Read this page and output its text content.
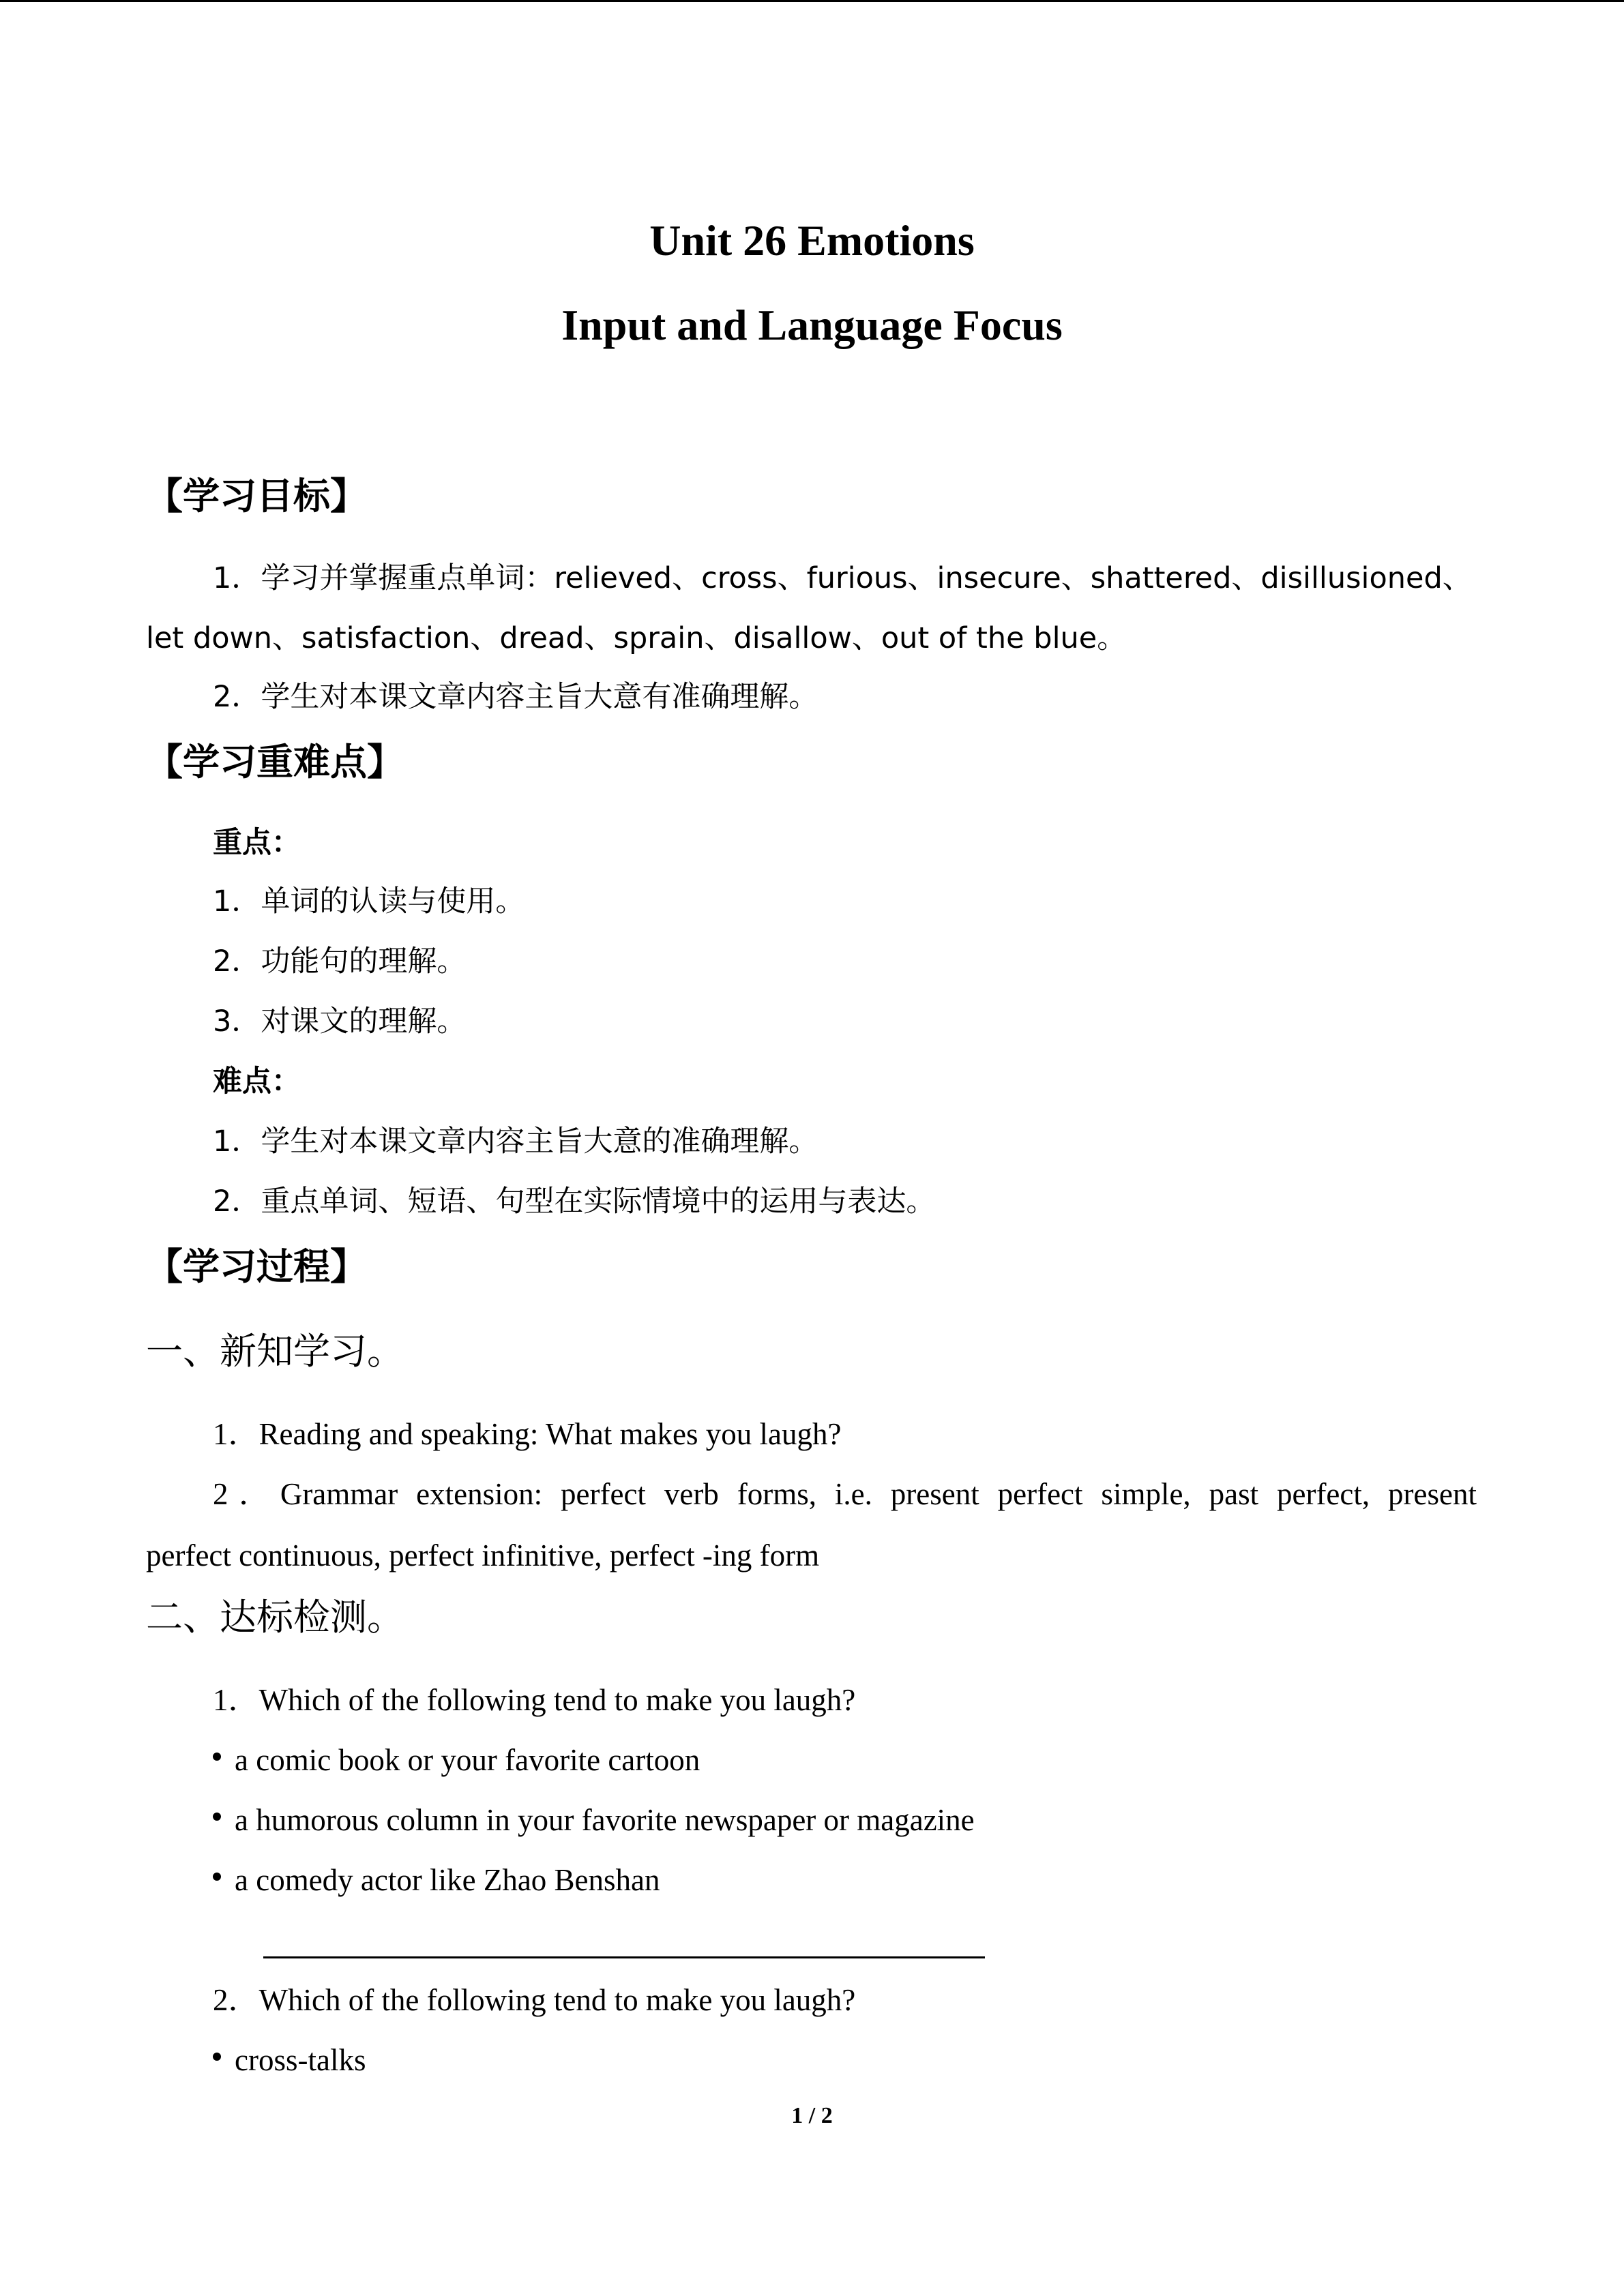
Unit 26 Emotions
Input and Language Focus
【学习目标】
1．学习并掌握重点单词：relieved、cross、furious、insecure、shattered、disillusioned、
let down、satisfaction、dread、sprain、disallow、out of the blue。
2．学生对本课文章内容主旨大意有准确理解。
【学习重难点】
重点：
1．单词的认读与使用。
2．功能句的理解。
3．对课文的理解。
难点：
1．学生对本课文章内容主旨大意的准确理解。
2．重点单词、短语、句型在实际情境中的运用与表达。
【学习过程】
一、新知学习。
1．Reading and speaking: What makes you laugh?
2．Grammar extension: perfect verb forms, i.e. present perfect simple, past perfect, present
perfect continuous, perfect infinitive, perfect -ing form
二、达标检测。
1．Which of the following tend to make you laugh?
a comic book or your favorite cartoon
a humorous column in your favorite newspaper or magazine
a comedy actor like Zhao Benshan
2．Which of the following tend to make you laugh?
cross-talks
1 / 2
